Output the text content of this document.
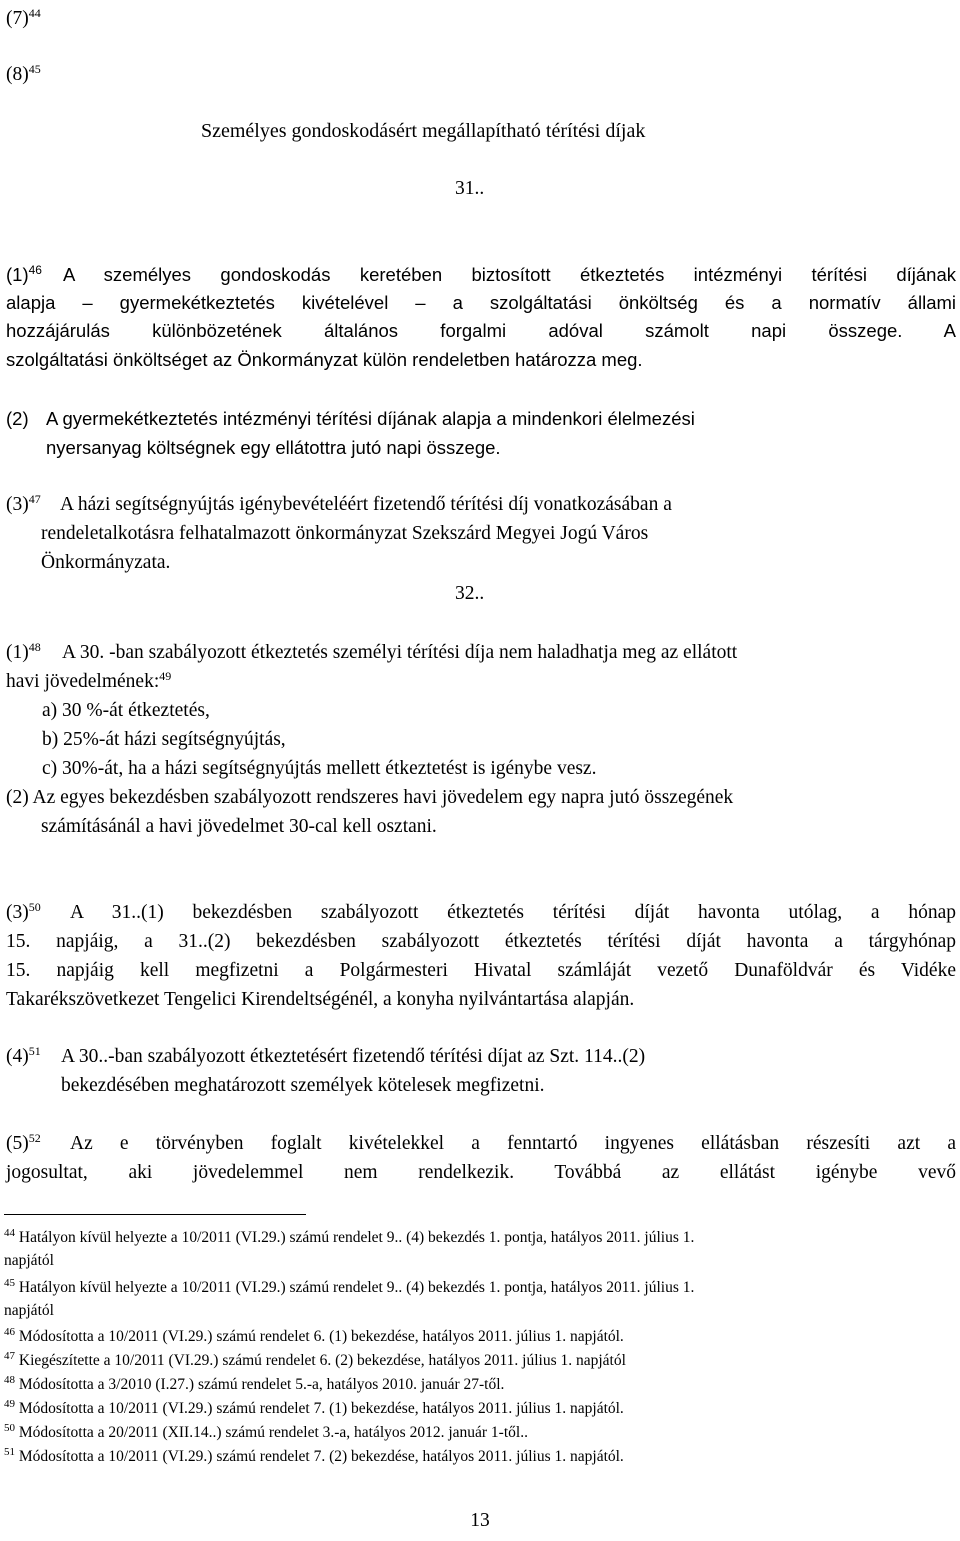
$(7)^{44}$
$(8)^{45}$
Személyes gondoskodásért megállapítható térítési díjak
31..
$(1)^{46}$ A személyes gondoskodás keretében biztosított étkeztetés intézményi térítési díjának
alapja – gyermekétkeztetés kivételével – a szolgáltatási önköltség és a normatív állami
hozzájárulás különbözetének általános forgalmi adóval számolt napi összege. A
szolgáltatási önköltséget az Önkormányzat külön rendeletben határozza meg.
(2) A gyermekétkeztetés intézményi térítési díjának alapja a mindenkori élelmezési
nyersanyag költségnek egy ellátottra jutó napi összege.
$(3)^{47}$ A házi segítségnyújtás igénybevételéért fizetendő térítési díj vonatkozásában a
rendeletalkotásra felhatalmazott önkormányzat Szekszárd Megyei Jogú Város
Önkormányzata.
32..
$(1)^{48}$ A 30. -ban szabályozott étkeztetés személyi térítési díja nem haladhatja meg az ellátott
havi jövedelmének:$^{49}$
a) 30 %-át étkeztetés,
b) 25%-át házi segítségnyújtás,
c) 30%-át, ha a házi segítségnyújtás mellett étkeztetést is igénybe vesz.
(2) Az egyes bekezdésben szabályozott rendszeres havi jövedelem egy napra jutó összegének
számításánál a havi jövedelmet 30-cal kell osztani.
$(3)^{50}$ A 31..(1) bekezdésben szabályozott étkeztetés térítési díját havonta utólag, a hónap
15. napjáig, a 31..(2) bekezdésben szabályozott étkeztetés térítési díját havonta a tárgyhónap
15. napjáig kell megfizetni a Polgármesteri Hivatal számláját vezető Dunaföldvár és Vidéke
Takarékszövetkezet Tengelici Kirendeltségénél, a konyha nyilvántartása alapján.
$(4)^{51}$ A 30..-ban szabályozott étkeztetésért fizetendő térítési díjat az Szt. 114..(2)
bekezdésében meghatározott személyek kötelesek megfizetni.
$(5)^{52}$ Az e törvényben foglalt kivételekkel a fenntartó ingyenes ellátásban részesíti azt a
jogosultat, aki jövedelemmel nem rendelkezik. Továbbá az ellátást igénybe vevő
$^{44}$ Hatályon kívül helyezte a 10/2011 (VI.29.) számú rendelet 9.. (4) bekezdés 1. pontja, hatályos 2011. július 1.
napjától
$^{45}$ Hatályon kívül helyezte a 10/2011 (VI.29.) számú rendelet 9.. (4) bekezdés 1. pontja, hatályos 2011. július 1.
napjától
$^{46}$ Módosította a 10/2011 (VI.29.) számú rendelet 6. (1) bekezdése, hatályos 2011. július 1. napjától.
$^{47}$ Kiegészítette a 10/2011 (VI.29.) számú rendelet 6. (2) bekezdése, hatályos 2011. július 1. napjától
$^{48}$ Módosította a 3/2010 (I.27.) számú rendelet 5.-a, hatályos 2010. január 27-től.
$^{49}$ Módosította a 10/2011 (VI.29.) számú rendelet 7. (1) bekezdése, hatályos 2011. július 1. napjától.
$^{50}$ Módosította a 20/2011 (XII.14..) számú rendelet 3.-a, hatályos 2012. január 1-től..
$^{51}$ Módosította a 10/2011 (VI.29.) számú rendelet 7. (2) bekezdése, hatályos 2011. július 1. napjától.
13
